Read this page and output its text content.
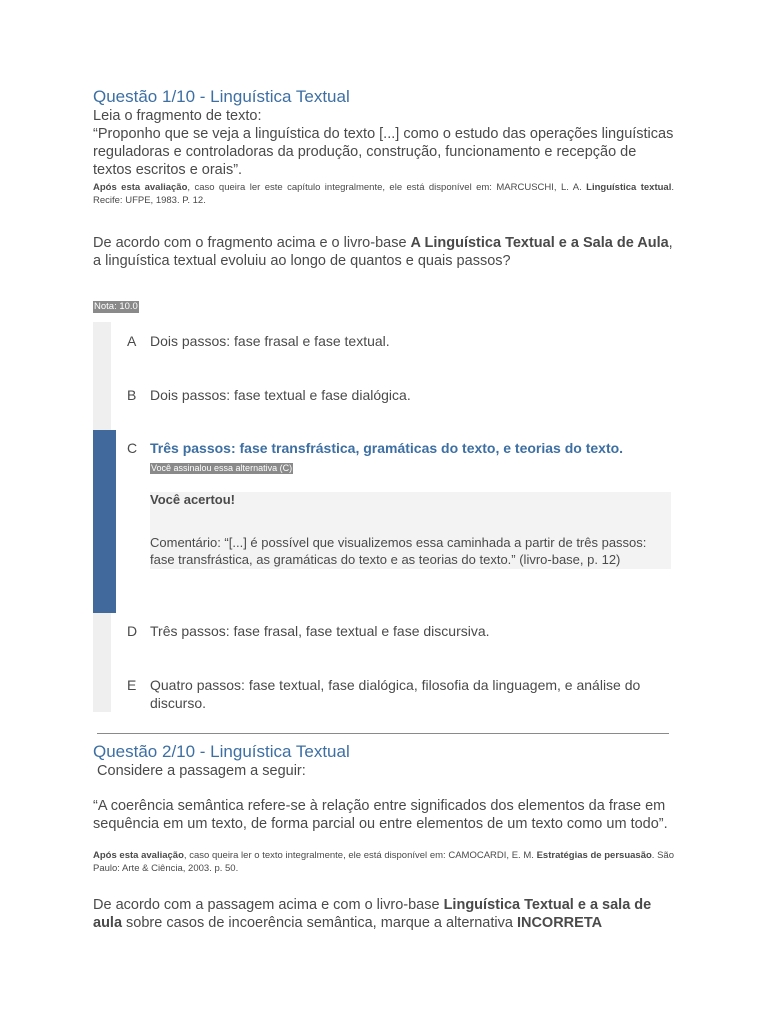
Questão 1/10 - Linguística Textual

Leia o fragmento de texto:

“Proponho que se veja a linguística do texto [...] como o estudo das operações linguísticas reguladoras e controladoras da produção, construção, funcionamento e recepção de textos escritos e orais”.

Após esta avaliação, caso queira ler este capítulo integralmente, ele está disponível em: MARCUSCHI, L. A. Linguística textual. Recife: UFPE, 1983. P. 12.

De acordo com o fragmento acima e o livro-base A Linguística Textual e a Sala de Aula, a linguística textual evoluiu ao longo de quantos e quais passos?

Nota: 10.0
A Dois passos: fase frasal e fase textual.
B Dois passos: fase textual e fase dialógica.
C Três passos: fase transfrástica, gramáticas do texto, e teorias do texto.
Você assinalou essa alternativa (C)
Você acertou!
Comentário: “[...] é possível que visualizemos essa caminhada a partir de três passos: fase transfrástica, as gramáticas do texto e as teorias do texto.” (livro-base, p. 12)
D Três passos: fase frasal, fase textual e fase discursiva.
E Quatro passos: fase textual, fase dialógica, filosofia da linguagem, e análise do discurso.
Questão 2/10 - Linguística Textual

Considere a passagem a seguir:

“A coerência semântica refere-se à relação entre significados dos elementos da frase em sequência em um texto, de forma parcial ou entre elementos de um texto como um todo”.

Após esta avaliação, caso queira ler o texto integralmente, ele está disponível em: CAMOCARDI, E. M. Estratégias de persuasão. São Paulo: Arte & Ciência, 2003. p. 50.

De acordo com a passagem acima e com o livro-base Linguística Textual e a sala de aula sobre casos de incoerência semântica, marque a alternativa INCORRETA
